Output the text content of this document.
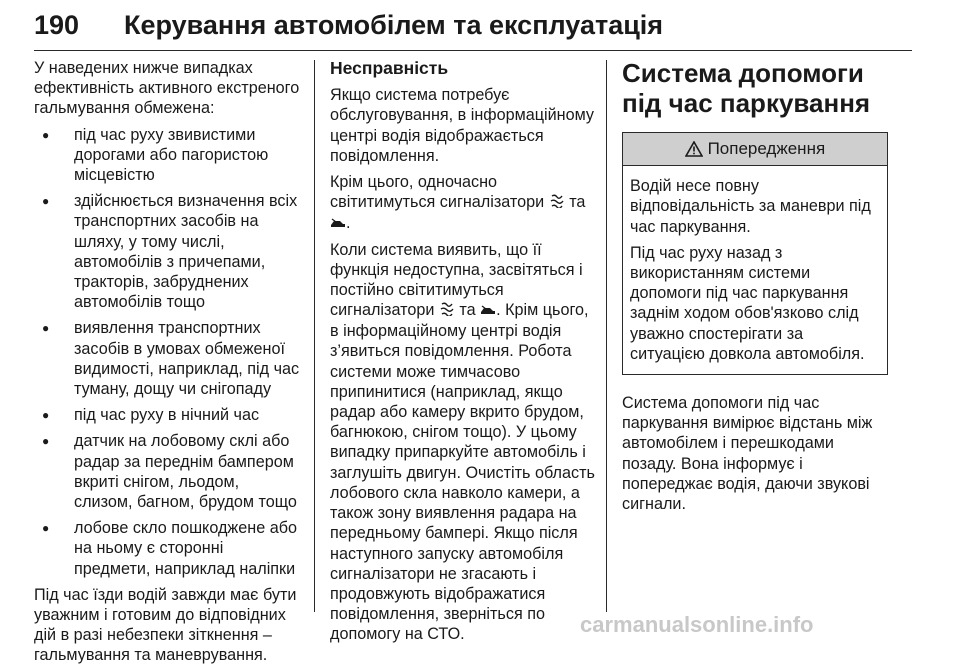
190 Керування автомобілем та експлуатація

У наведених нижче випадках ефективність активного екстреного гальмування обмежена:

● під час руху звивистими дорогами або пагористою місцевістю
● здійснюється визначення всіх транспортних засобів на шляху, у тому числі, автомобілів з причепами, тракторів, забруднених автомобілів тощо
● виявлення транспортних засобів в умовах обмеженої видимості, наприклад, під час туману, дощу чи снігопаду
● під час руху в нічний час
● датчик на лобовому склі або радар за переднім бампером вкриті снігом, льодом, слизом, багном, брудом тощо
● лобове скло пошкоджене або на ньому є сторонні предмети, наприклад наліпки

Під час їзди водій завжди має бути уважним і готовим до відповідних дій в разі небезпеки зіткнення – гальмування та маневрування.

Несправність

Якщо система потребує обслуговування, в інформаційному центрі водія відображається повідомлення.

Крім цього, одночасно світитимуться сигналізатори та
.

Коли система виявить, що її функція недоступна, засвітяться і постійно світитимуться сигналізатори та . Крім цього, в інформаційному центрі водія з’явиться повідомлення. Робота системи може тимчасово припинитися (наприклад, якщо радар або камеру вкрито брудом, багнюкою, снігом тощо). У цьому випадку припаркуйте автомобіль і заглушіть двигун. Очистіть область лобового скла навколо камери, а також зону виявлення радара на передньому бампері. Якщо після наступного запуску автомобіля сигналізатори не згасають і продовжують відображатися повідомлення, зверніться по допомогу на СТО.

Система допомоги під час паркування
Попередження

Водій несе повну відповідальність за маневри під час паркування.

Під час руху назад з використанням системи допомоги під час паркування заднім ходом обов'язково слід уважно спостерігати за ситуацією довкола автомобіля.

Система допомоги під час паркування вимірює відстань між автомобілем і перешкодами позаду. Вона інформує і попереджає водія, даючи звукові сигнали.

carmanualsonline.info
